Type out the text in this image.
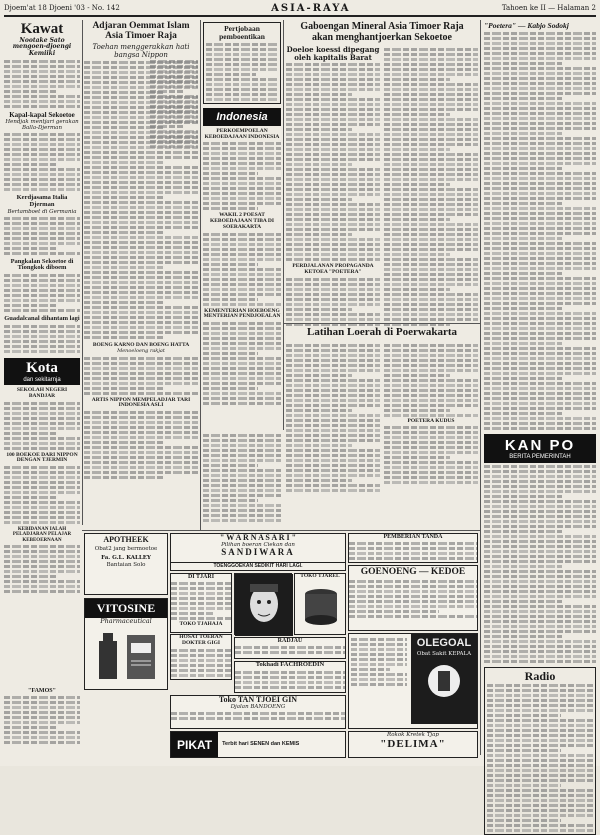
Djoem'at 18 Djoeni '03 - No. 142	ASIA-RAYA	Tahoen ke II — Halaman 2
Kawat
Nootake Sato mengoen-djoengi Kemiiki
Kapal-kapal Sekoetoe
Hendjak mentjari gerakan Balla-Djerman
Kerdjasama Italia Djerman
Bertamboet di Germania
Pangkalan Sekoetoe di Tiongkok diboem
Guadalcanal dihantam lagi
Kota
dan sekitarnja
SEKOLAH NEGERI BANDJAR
100 BOEKOE DARI NIPPON DENGAN TJERMIN
KEBIDANAN IALAH PELADJARAN PELAJAR KEBEOERNAAN
"FAMOS"
Adjaran Oemmat Islam Asia Timoer Raja
Toehan menggerakkan hati bangsa Nippon
BOENG KARNO DAN BOENG HATTA
Menoeloeng rakjat
ARTIS NIPPON MEMPELADJAR TARI INDONESIA ASLI
Pertjobaan pemboentikan
Indonesia
PERKOEMPOELAN KEBOEDAJAAN INDONESIA
WAKIL 2 POESAT KEBOEDAJAAN TIBA DI SOERAKARTA
KEMENTERIAN HOEBOENG MENTERIAN PENDJOEALAN
Gaboengan Mineral Asia Timoer Raja
akan menghantjoerkan Sekoetoe
Doeloe koessi dipegang oleh kapitalis Barat
PERDJALANAN PROPAGANDA KETOEA "POETERA"
Latihan Loerah di Poerwakarta
POETERA KUDUS
"Poetera" — Kabjo Sodokj
KAN PO
BERITA PEMERINTAH
Radio
APOTHEEK
Obat2 jang bermoetoe
Fa. G.L. KALLEY
Bantaian Solo
VITOSINE
Pharmaceutical
" W A R N A S A R I "
Pilihan boeran Ciekan dan
SANDIWARA
TOENGGOEKAN SEDIKIT HARI LAGI.
DI TJARI
TOKO TJAHAJA
HOSAT TOERAN DOKTER GIGI
TOKO TJAREL
RADJAU
Tokhadi FACHROEDIN
Toko TAN TJOEI GIN
Djalan BANDOENG
OLEGOAL
Obat Sakit KEPALA
PEMBERIAN TANDA
GOENOENG — KEDOE
PIKAT	Terbit hari SENEN dan KEMIS
Rokok Kretek Tjap
"DELIMA"
